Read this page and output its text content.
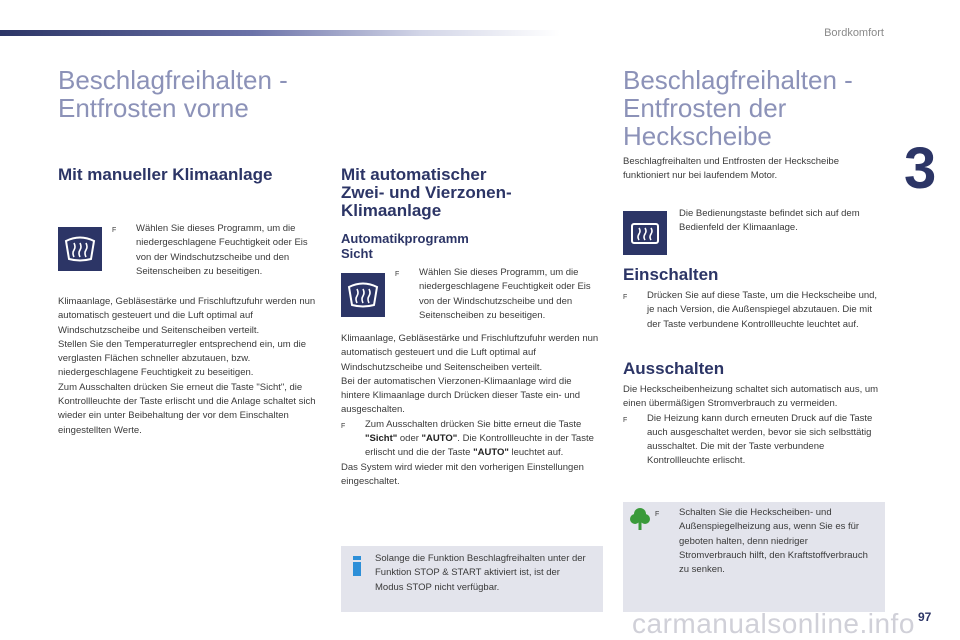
Bordkomfort
3
Beschlagfreihalten -
Entfrosten vorne
Mit manueller Klimaanlage
F	Wählen Sie dieses Programm, um die niedergeschlagene Feuchtigkeit oder Eis von der Windschutzscheibe und den Seitenscheiben zu beseitigen.

Klimaanlage, Gebläsestärke und Frischluftzufuhr werden nun automatisch gesteuert und die Luft optimal auf Windschutzscheibe und Seitenscheiben verteilt.

Stellen Sie den Temperaturregler entsprechend ein, um die verglasten Flächen schneller abzutauen, bzw. niedergeschlagene Feuchtigkeit zu beseitigen.

Zum Ausschalten drücken Sie erneut die Taste "Sicht", die Kontrollleuchte der Taste erlischt und die Anlage schaltet sich wieder ein unter Beibehaltung der vor dem Einschalten eingestellten Werte.

Mit automatischer
Zwei- und Vierzonen-
Klimaanlage
Automatikprogramm
Sicht
F	Wählen Sie dieses Programm, um die niedergeschlagene Feuchtigkeit oder Eis von der Windschutzscheibe und den Seitenscheiben zu beseitigen.

Klimaanlage, Gebläsestärke und Frischluftzufuhr werden nun automatisch gesteuert und die Luft optimal auf Windschutzscheibe und Seitenscheiben verteilt.

Bei der automatischen Vierzonen-Klimaanlage wird die hintere Klimaanlage durch Drücken dieser Taste ein- und ausgeschalten.

F	Zum Ausschalten drücken Sie bitte erneut die Taste "Sicht" oder "AUTO". Die Kontrollleuchte in der Taste erlischt und die der Taste "AUTO" leuchtet auf.

Das System wird wieder mit den vorherigen Einstellungen eingeschaltet.

Solange die Funktion Beschlagfreihalten unter der Funktion STOP & START aktiviert ist, ist der Modus STOP nicht verfügbar.
Beschlagfreihalten -
Entfrosten der
Heckscheibe
Beschlagfreihalten und Entfrosten der Heckscheibe funktioniert nur bei laufendem Motor.
Die Bedienungstaste befindet sich auf dem Bedienfeld der Klimaanlage.
Einschalten
F	Drücken Sie auf diese Taste, um die Heckscheibe und, je nach Version, die Außenspiegel abzutauen. Die mit der Taste verbundene Kontrollleuchte leuchtet auf.
Ausschalten

Die Heckscheibenheizung schaltet sich automatisch aus, um einen übermäßigen Stromverbrauch zu vermeiden.

F	Die Heizung kann durch erneuten Druck auf die Taste auch ausgeschaltet werden, bevor sie sich selbsttätig ausschaltet. Die mit der Taste verbundene Kontrollleuchte erlischt.
F	Schalten Sie die Heckscheiben- und Außenspiegelheizung aus, wenn Sie es für geboten halten, denn niedriger Stromverbrauch hilft, den Kraftstoffverbrauch zu senken.
carmanualsonline.info 97
